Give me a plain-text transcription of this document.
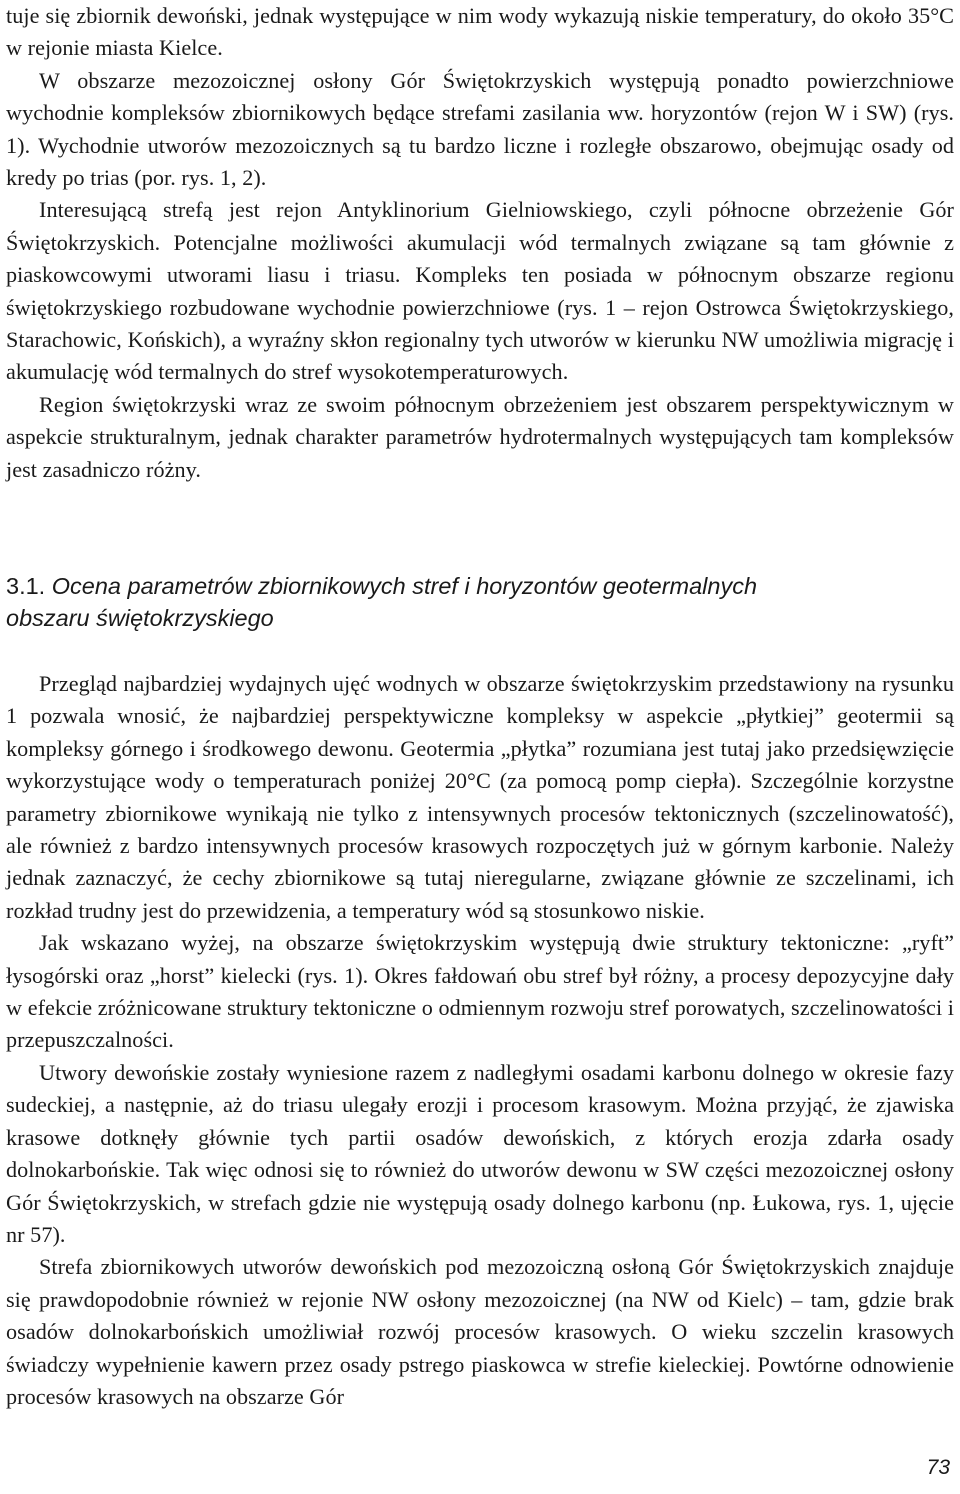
tuje się zbiornik dewoński, jednak występujące w nim wody wykazują niskie temperatury, do około 35°C w rejonie miasta Kielce.

W obszarze mezozoicznej osłony Gór Świętokrzyskich występują ponadto powierzchniowe wychodnie kompleksów zbiornikowych będące strefami zasilania ww. horyzontów (rejon W i SW) (rys. 1). Wychodnie utworów mezozoicznych są tu bardzo liczne i rozległe obszarowo, obejmując osady od kredy po trias (por. rys. 1, 2).

Interesującą strefą jest rejon Antyklinorium Gielniowskiego, czyli północne obrzeżenie Gór Świętokrzyskich. Potencjalne możliwości akumulacji wód termalnych związane są tam głównie z piaskowcowymi utworami liasu i triasu. Kompleks ten posiada w północnym obszarze regionu świętokrzyskiego rozbudowane wychodnie powierzchniowe (rys. 1 – rejon Ostrowca Świętokrzyskiego, Starachowic, Końskich), a wyraźny skłon regionalny tych utworów w kierunku NW umożliwia migrację i akumulację wód termalnych do stref wysokotemperaturowych.

Region świętokrzyski wraz ze swoim północnym obrzeżeniem jest obszarem perspektywicznym w aspekcie strukturalnym, jednak charakter parametrów hydrotermalnych występujących tam kompleksów jest zasadniczo różny.

3.1. Ocena parametrów zbiornikowych stref i horyzontów geotermalnych
obszaru świętokrzyskiego

Przegląd najbardziej wydajnych ujęć wodnych w obszarze świętokrzyskim przedstawiony na rysunku 1 pozwala wnosić, że najbardziej perspektywiczne kompleksy w aspekcie „płytkiej” geotermii są kompleksy górnego i środkowego dewonu. Geotermia „płytka” rozumiana jest tutaj jako przedsięwzięcie wykorzystujące wody o temperaturach poniżej 20°C (za pomocą pomp ciepła). Szczególnie korzystne parametry zbiornikowe wynikają nie tylko z intensywnych procesów tektonicznych (szczelinowatość), ale również z bardzo intensywnych procesów krasowych rozpoczętych już w górnym karbonie. Należy jednak zaznaczyć, że cechy zbiornikowe są tutaj nieregularne, związane głównie ze szczelinami, ich rozkład trudny jest do przewidzenia, a temperatury wód są stosunkowo niskie.

Jak wskazano wyżej, na obszarze świętokrzyskim występują dwie struktury tektoniczne: „ryft” łysogórski oraz „horst” kielecki (rys. 1). Okres fałdowań obu stref był różny, a procesy depozycyjne dały w efekcie zróżnicowane struktury tektoniczne o odmiennym rozwoju stref porowatych, szczelinowatości i przepuszczalności.

Utwory dewońskie zostały wyniesione razem z nadległymi osadami karbonu dolnego w okresie fazy sudeckiej, a następnie, aż do triasu ulegały erozji i procesom krasowym. Można przyjąć, że zjawiska krasowe dotknęły głównie tych partii osadów dewońskich, z których erozja zdarła osady dolnokarbońskie. Tak więc odnosi się to również do utworów dewonu w SW części mezozoicznej osłony Gór Świętokrzyskich, w strefach gdzie nie występują osady dolnego karbonu (np. Łukowa, rys. 1, ujęcie nr 57).

Strefa zbiornikowych utworów dewońskich pod mezozoiczną osłoną Gór Świętokrzyskich znajduje się prawdopodobnie również w rejonie NW osłony mezozoicznej (na NW od Kielc) – tam, gdzie brak osadów dolnokarbońskich umożliwiał rozwój procesów krasowych. O wieku szczelin krasowych świadczy wypełnienie kawern przez osady pstrego piaskowca w strefie kieleckiej. Powtórne odnowienie procesów krasowych na obszarze Gór

73
